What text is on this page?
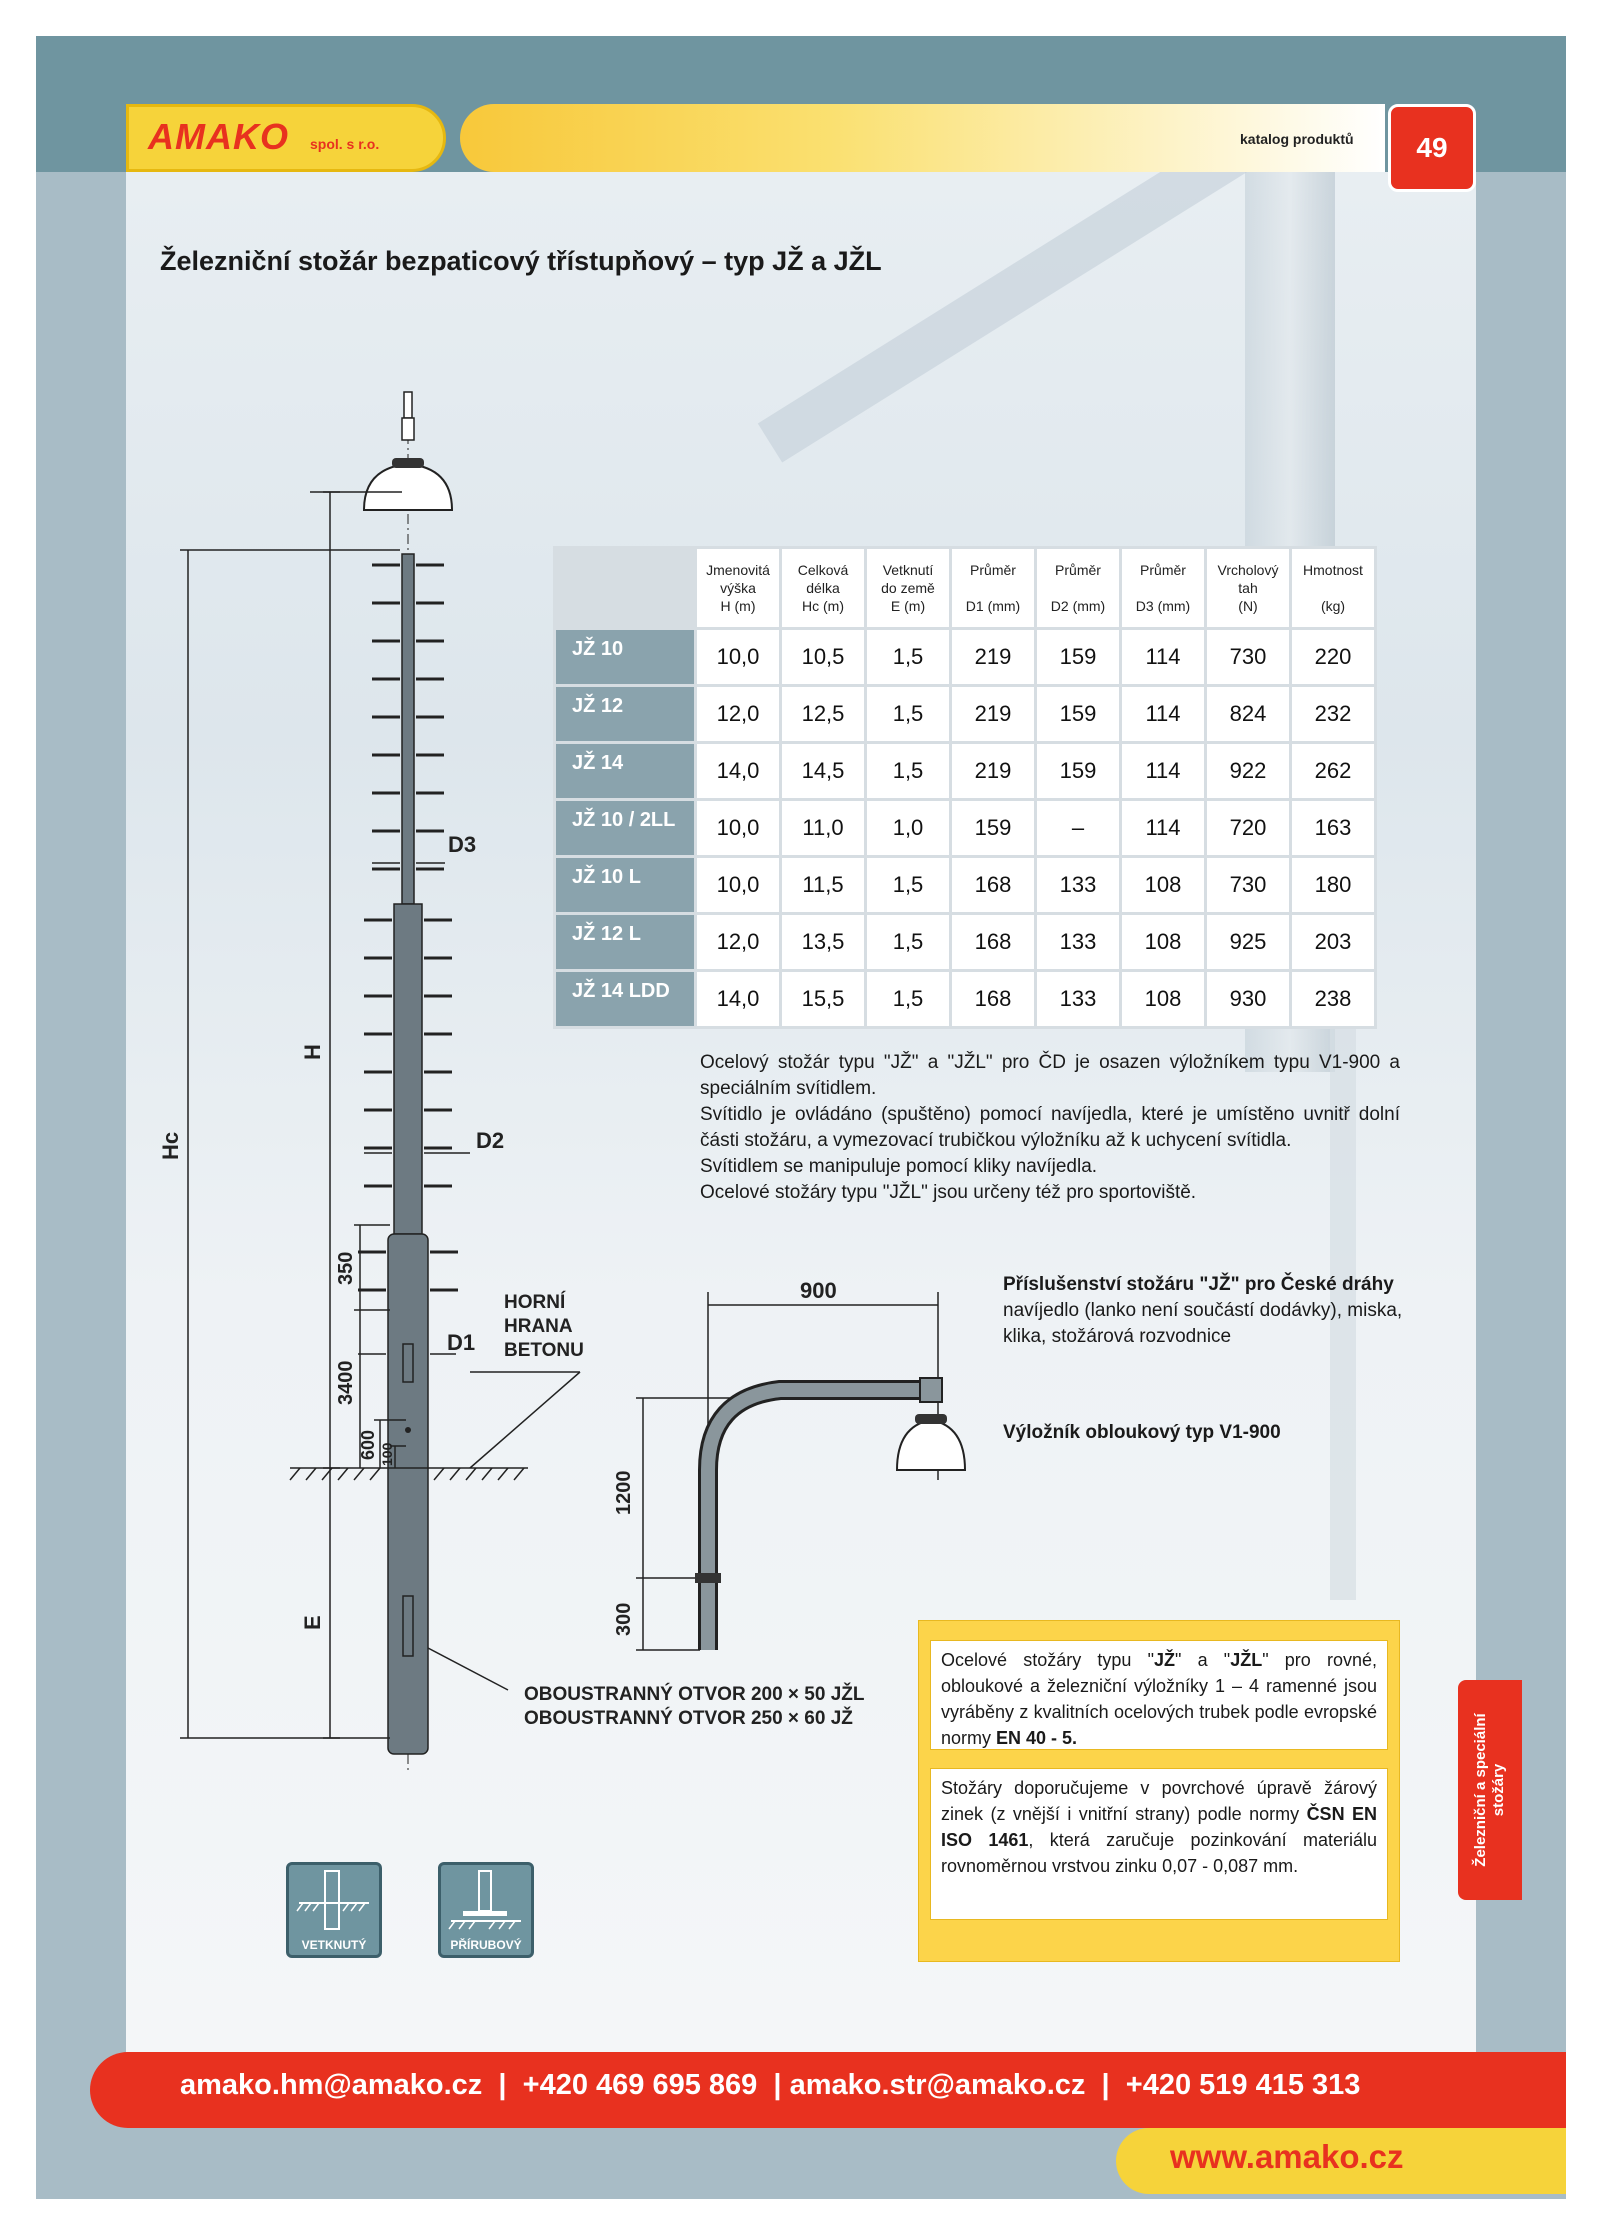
AMAKO spol. s r.o.	katalog produktů	49
Železniční stožár bezpaticový třístupňový – typ JŽ a JŽL
D3
D2
D1
H
Hc
E
350
3400
600 100
HORNÍ
HRANA
BETONU
OBOUSTRANNÝ OTVOR 200 × 50 JŽL
OBOUSTRANNÝ OTVOR 250 × 60 JŽ
900
1200
300
	Jmenovitá
výška
H (m)	Celková
délka
Hc (m)	Vetknutí
do země
E (m)	Průměr

D1 (mm)	Průměr

D2 (mm)	Průměr

D3 (mm)	Vrcholový
tah
(N)	Hmotnost

(kg)
JŽ 10	10,0	10,5	1,5	219	159	114	730	220
JŽ 12	12,0	12,5	1,5	219	159	114	824	232
JŽ 14	14,0	14,5	1,5	219	159	114	922	262
JŽ 10 / 2LL	10,0	11,0	1,0	159	–	114	720	163
JŽ 10 L	10,0	11,5	1,5	168	133	108	730	180
JŽ 12 L	12,0	13,5	1,5	168	133	108	925	203
JŽ 14 LDD	14,0	15,5	1,5	168	133	108	930	238

Ocelový stožár typu "JŽ" a "JŽL" pro ČD je osazen výložníkem typu V1-900 a speciálním svítidlem.

Svítidlo je ovládáno (spuštěno) pomocí navíjedla, které je umístěno uvnitř dolní části stožáru, a vymezovací trubičkou výložníku až k uchycení svítidla.

Svítidlem se manipuluje pomocí kliky navíjedla.

Ocelové stožáry typu "JŽL" jsou určeny též pro sportoviště.

Příslušenství stožáru "JŽ" pro České dráhy
navíjedlo (lanko není součástí dodávky), miska, klika, stožárová rozvodnice
Výložník obloukový typ V1-900
Ocelové stožáry typu "JŽ" a "JŽL" pro rovné, obloukové a železniční výložníky 1 – 4 ramenné jsou vyráběny z kvalitních ocelových trubek podle evropské normy EN 40 - 5.
Stožáry doporučujeme v povrchové úpravě žárový zinek (z vnější i vnitřní strany) podle normy ČSN EN ISO 1461, která zaručuje pozinkování materiálu rovnoměrnou vrstvou zinku 0,07 - 0,087 mm.	Železniční a speciální stožáry
VETKNUTÝ	PŘÍRUBOVÝ
amako.hm@amako.cz  |  +420 469 695 869  | amako.str@amako.cz  |  +420 519 415 313
www.amako.cz
